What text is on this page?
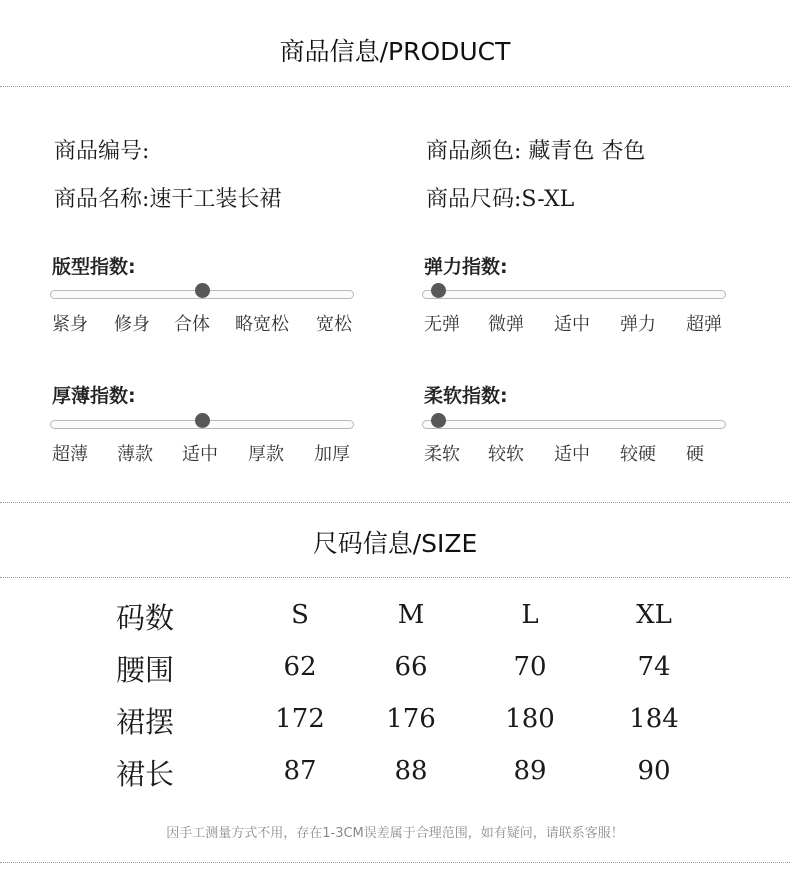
商品信息/PRODUCT
商品编号:
商品名称:速干工装长裙
商品颜色: 藏青色 杏色
商品尺码:S-XL
版型指数:
紧身 修身 合体 略宽松 宽松
弹力指数:
无弹 微弹 适中 弹力 超弹
厚薄指数:
超薄 薄款 适中 厚款 加厚
柔软指数:
柔软 较软 适中 较硬 硬
尺码信息/SIZE
码数	S	M	L	XL
腰围	62	66	70	74
裙摆	172	176	180	184
裙长	87	88	89	90
因手工测量方式不用，存在1-3CM误差属于合理范围，如有疑问，请联系客服！
